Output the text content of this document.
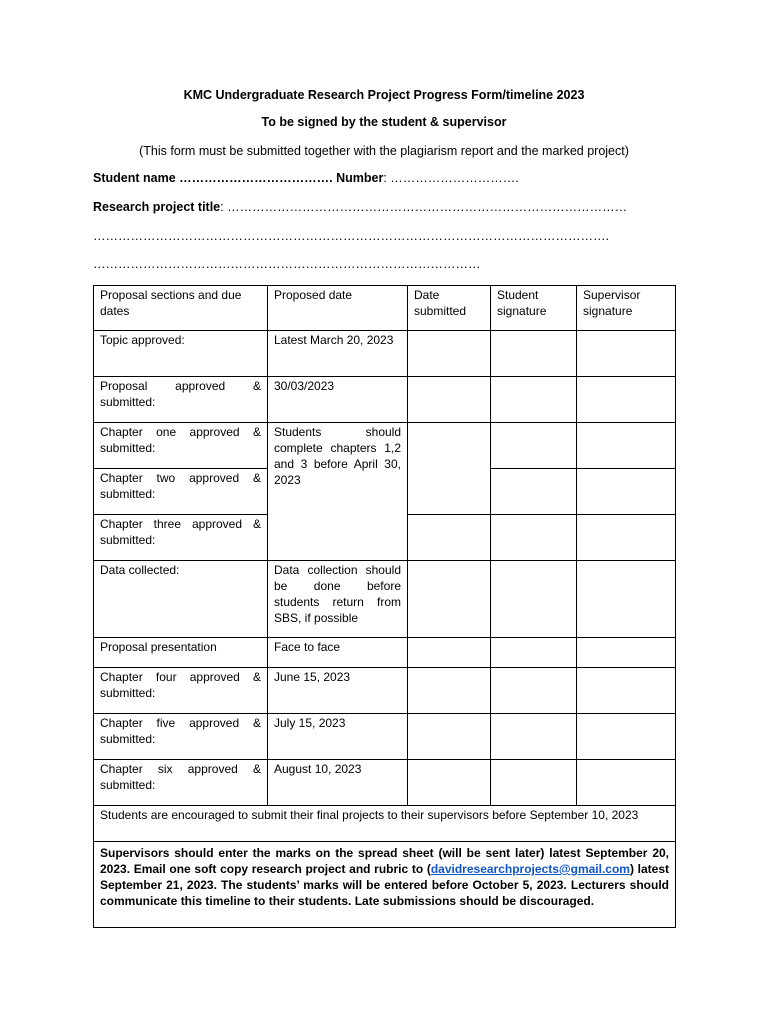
KMC Undergraduate Research Project Progress Form/timeline 2023
To be signed by the student & supervisor
(This form must be submitted together with the plagiarism report and the marked project)
Student name ………………………………. Number: ………………………….
Research project title: ……………………………………………………………………………………
…………………………………………………………………………………………………………….
…………………………………………………………………………………
Proposal sections and due dates	Proposed date	Date submitted	Student signature	Supervisor signature
Topic approved:	Latest March 20, 2023			
Proposal approved & submitted:	30/03/2023			
Chapter one approved & submitted:	Students should complete chapters 1,2 and 3 before April 30, 2023			
Chapter two approved & submitted:				
Chapter three approved & submitted:				
Data collected:	Data collection should be done before students return from SBS, if possible			
Proposal presentation	Face to face			
Chapter four approved & submitted:	June 15, 2023			
Chapter five approved & submitted:	July 15, 2023			
Chapter six approved & submitted:	August 10, 2023			
Students are encouraged to submit their final projects to their supervisors before September 10, 2023				
Supervisors should enter the marks on the spread sheet (will be sent later) latest September 20, 2023. Email one soft copy research project and rubric to (davidresearchprojects@gmail.com) latest September 21, 2023. The students’ marks will be entered before October 5, 2023. Lecturers should communicate this timeline to their students. Late submissions should be discouraged.				
